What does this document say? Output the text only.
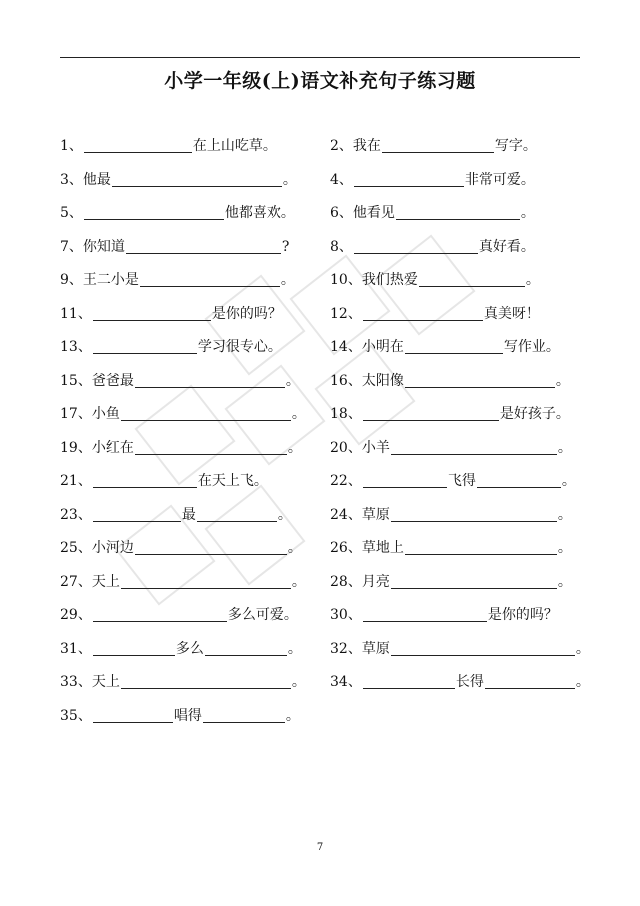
小学一年级(上)语文补充句子练习题
1、	在上山吃草。
3、 他最	。
5、	他都喜欢。
7、 你知道	?
9、 王二小是	。
11、	是你的吗？
13、	学习很专心。
15、 爸爸最	。
17、 小鱼	。
19、 小红在	。
21、	在天上飞。
23、	最	。
25、 小河边	。
27、 天上	。
29、	多么可爱。
31、	多么	。
33、 天上	。
35、	唱得	。
2、 我在	写字。
4、	非常可爱。
6、 他看见	。
8、	真好看。
10、 我们热爱	。
12、	真美呀！
14、 小明在	写作业。
16、 太阳像	。
18、	是好孩子。
20、 小羊	。
22、	飞得	。
24、 草原	。
26、 草地上	。
28、 月亮	。
30、	是你的吗？
32、 草原	。
34、	长得	。
7
